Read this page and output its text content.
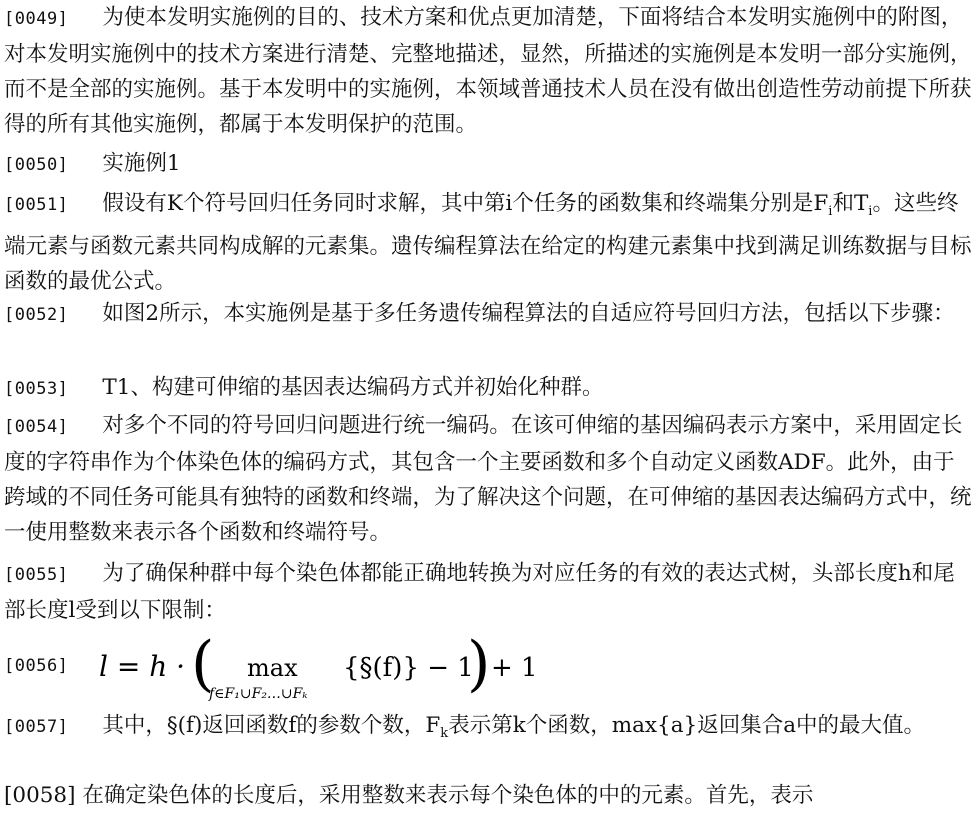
[0049] 为使本发明实施例的目的、技术方案和优点更加清楚，下面将结合本发明实施例中的附图，对本发明实施例中的技术方案进行清楚、完整地描述，显然，所描述的实施例是本发明一部分实施例，而不是全部的实施例。基于本发明中的实施例，本领域普通技术人员在没有做出创造性劳动前提下所获得的所有其他实施例，都属于本发明保护的范围。
[0050] 实施例1
[0051] 假设有K个符号回归任务同时求解，其中第i个任务的函数集和终端集分别是$F_i$和$T_i$。这些终端元素与函数元素共同构成解的元素集。遗传编程算法在给定的构建元素集中找到满足训练数据与目标函数的最优公式。
[0052] 如图2所示，本实施例是基于多任务遗传编程算法的自适应符号回归方法，包括以下步骤：
[0053] T1、构建可伸缩的基因表达编码方式并初始化种群。
[0054] 对多个不同的符号回归问题进行统一编码。在该可伸缩的基因编码表示方案中，采用固定长度的字符串作为个体染色体的编码方式，其包含一个主要函数和多个自动定义函数ADF。此外，由于跨域的不同任务可能具有独特的函数和终端，为了解决这个问题，在可伸缩的基因表达编码方式中，统一使用整数来表示各个函数和终端符号。
[0055] 为了确保种群中每个染色体都能正确地转换为对应任务的有效的表达式树，头部长度h和尾部长度l受到以下限制：
[0056] l = h · ( max
f∈F₁∪F₂…∪Fₖ
{§(f)} − 1
) + 1
[0057] 其中，§(f)返回函数f的参数个数，$F_k$表示第k个函数，max{a}返回集合a中的最大值。
[0058] 在确定染色体的长度后，采用整数来表示每个染色体的中的元素。首先，表示
